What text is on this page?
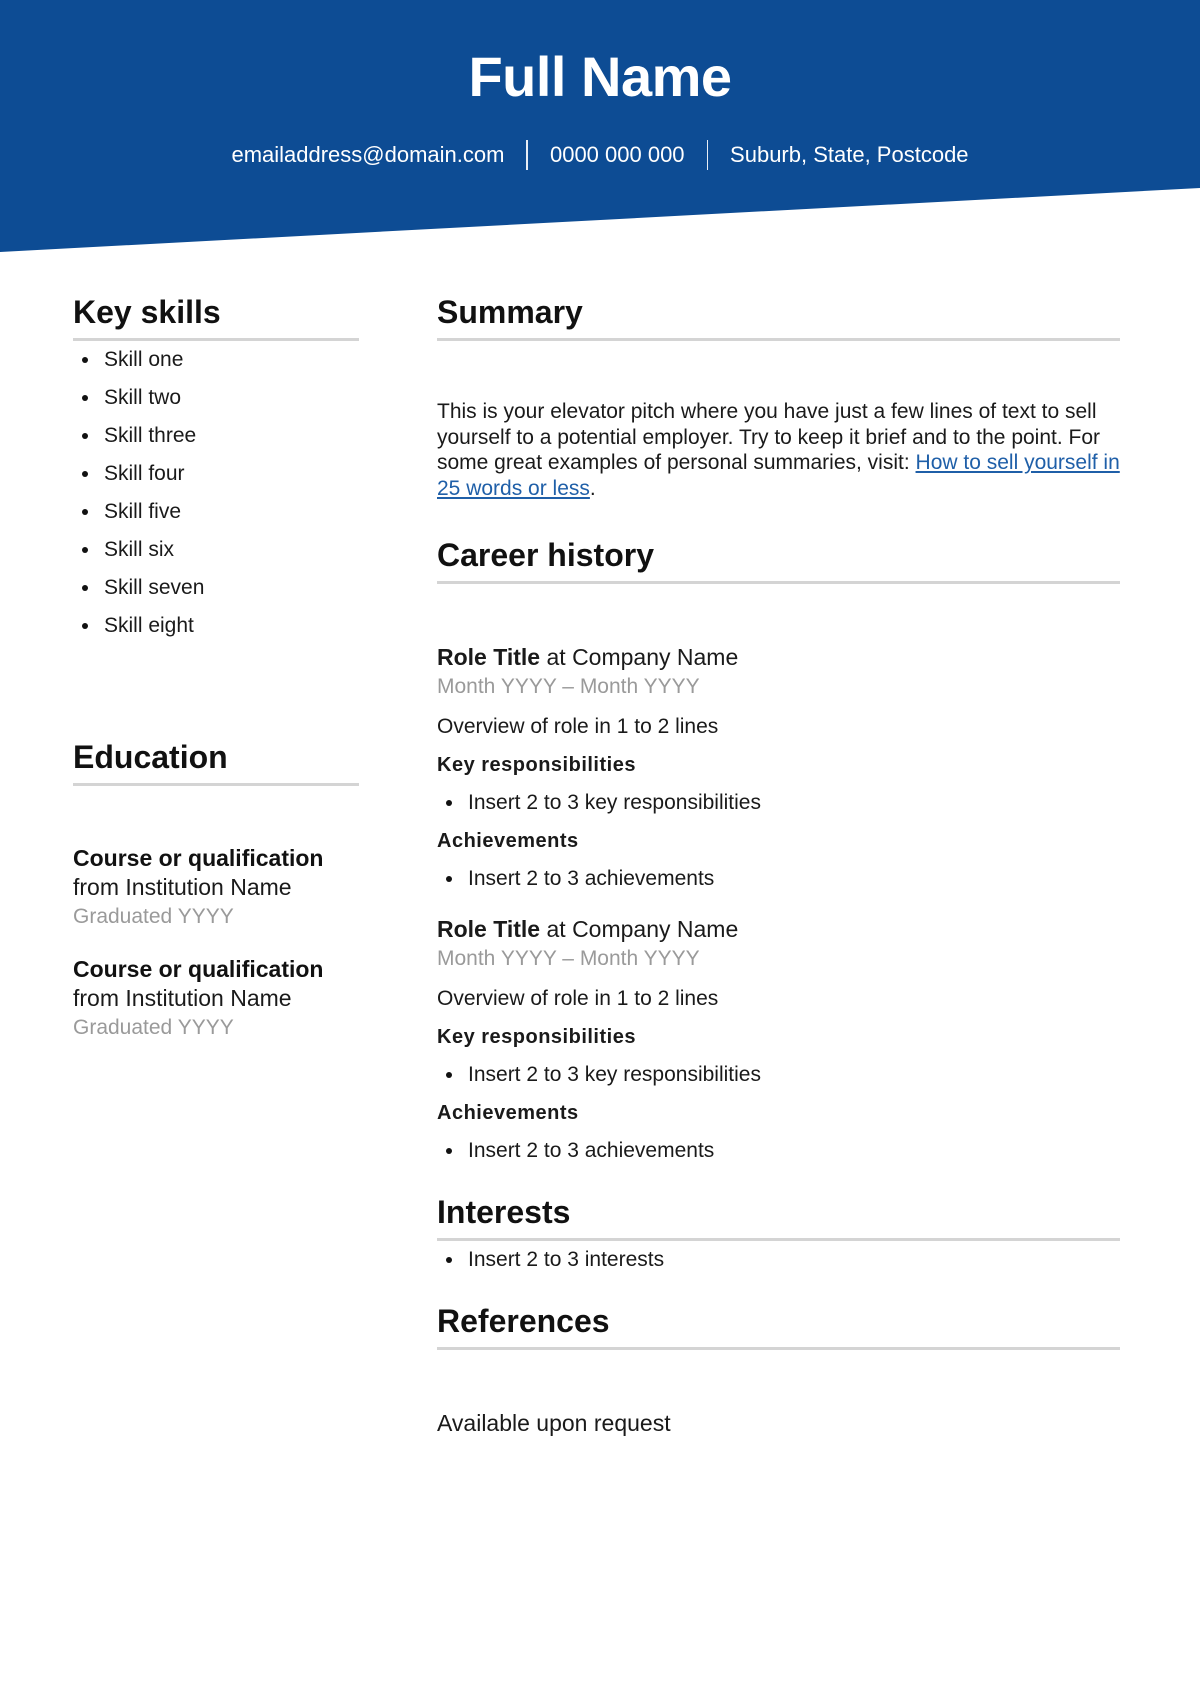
Full Name
emailaddress@domain.com 0000 000 000 Suburb, State, Postcode
Key skills
Skill one
Skill two
Skill three
Skill four
Skill five
Skill six
Skill seven
Skill eight
Education
Course or qualification
from Institution Name
Graduated YYYY
Course or qualification
from Institution Name
Graduated YYYY
Summary

This is your elevator pitch where you have just a few lines of text to sell yourself to a potential employer. Try to keep it brief and to the point. For some great examples of personal summaries, visit: How to sell yourself in 25 words or less.

Career history
Role Title at Company Name
Month YYYY – Month YYYY
Overview of role in 1 to 2 lines
Key responsibilities
Insert 2 to 3 key responsibilities
Achievements
Insert 2 to 3 achievements
Role Title at Company Name
Month YYYY – Month YYYY
Overview of role in 1 to 2 lines
Key responsibilities
Insert 2 to 3 key responsibilities
Achievements
Insert 2 to 3 achievements
Interests
Insert 2 to 3 interests
References
Available upon request
